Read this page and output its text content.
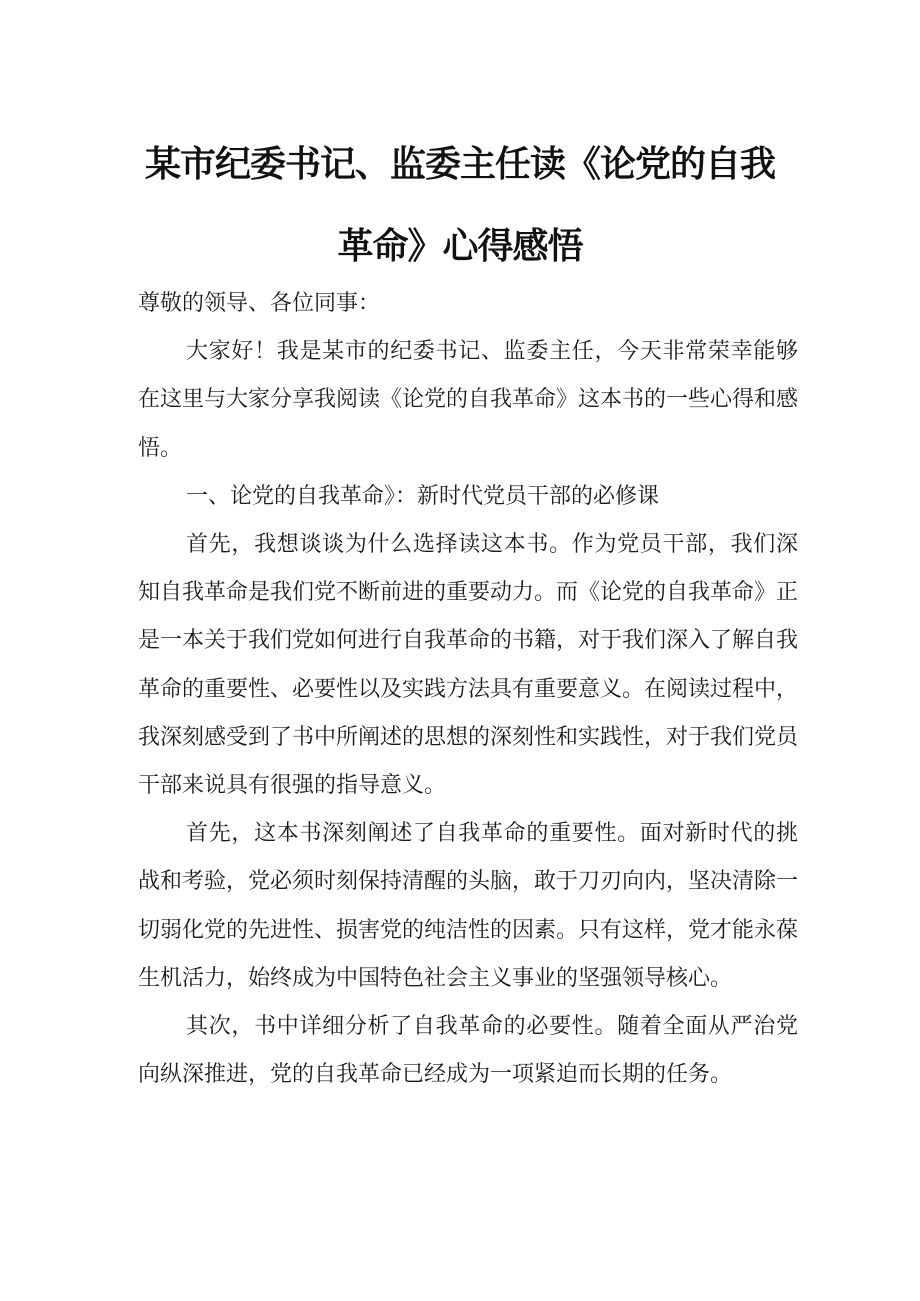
某市纪委书记、监委主任读《论党的自我
革命》心得感悟

尊敬的领导、各位同事：

大家好！我是某市的纪委书记、监委主任，今天非常荣幸能够在这里与大家分享我阅读《论党的自我革命》这本书的一些心得和感悟。

一、论党的自我革命》：新时代党员干部的必修课

首先，我想谈谈为什么选择读这本书。作为党员干部，我们深知自我革命是我们党不断前进的重要动力。而《论党的自我革命》正是一本关于我们党如何进行自我革命的书籍，对于我们深入了解自我革命的重要性、必要性以及实践方法具有重要意义。在阅读过程中，我深刻感受到了书中所阐述的思想的深刻性和实践性，对于我们党员干部来说具有很强的指导意义。

首先，这本书深刻阐述了自我革命的重要性。面对新时代的挑战和考验，党必须时刻保持清醒的头脑，敢于刀刃向内，坚决清除一切弱化党的先进性、损害党的纯洁性的因素。只有这样，党才能永葆生机活力，始终成为中国特色社会主义事业的坚强领导核心。

其次，书中详细分析了自我革命的必要性。随着全面从严治党向纵深推进，党的自我革命已经成为一项紧迫而长期的任务。
